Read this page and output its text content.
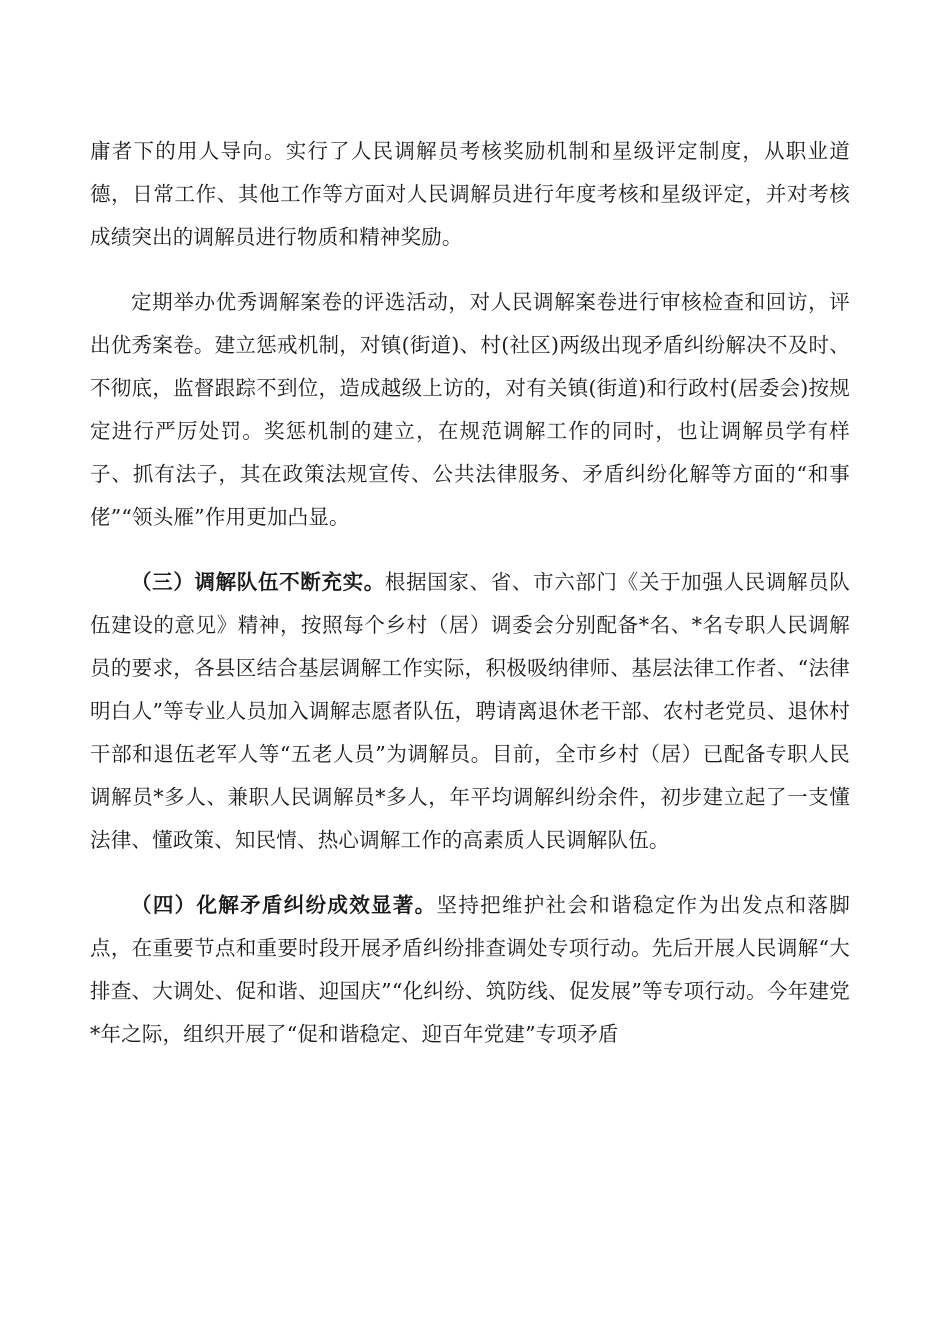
庸者下的用人导向。实行了人民调解员考核奖励机制和星级评定制度，从职业道德，日常工作、其他工作等方面对人民调解员进行年度考核和星级评定，并对考核成绩突出的调解员进行物质和精神奖励。

定期举办优秀调解案卷的评选活动，对人民调解案卷进行审核检查和回访，评出优秀案卷。建立惩戒机制，对镇(街道)、村(社区)两级出现矛盾纠纷解决不及时、不彻底，监督跟踪不到位，造成越级上访的，对有关镇(街道)和行政村(居委会)按规定进行严厉处罚。奖惩机制的建立，在规范调解工作的同时，也让调解员学有样子、抓有法子，其在政策法规宣传、公共法律服务、矛盾纠纷化解等方面的“和事佬”“领头雁”作用更加凸显。

（三）调解队伍不断充实。根据国家、省、市六部门《关于加强人民调解员队伍建设的意见》精神，按照每个乡村（居）调委会分别配备*名、*名专职人民调解员的要求，各县区结合基层调解工作实际，积极吸纳律师、基层法律工作者、“法律明白人”等专业人员加入调解志愿者队伍，聘请离退休老干部、农村老党员、退休村干部和退伍老军人等“五老人员”为调解员。目前，全市乡村（居）已配备专职人民调解员*多人、兼职人民调解员*多人，年平均调解纠纷余件，初步建立起了一支懂法律、懂政策、知民情、热心调解工作的高素质人民调解队伍。

（四）化解矛盾纠纷成效显著。坚持把维护社会和谐稳定作为出发点和落脚点，在重要节点和重要时段开展矛盾纠纷排查调处专项行动。先后开展人民调解“大排查、大调处、促和谐、迎国庆”“化纠纷、筑防线、促发展”等专项行动。今年建党*年之际，组织开展了“促和谐稳定、迎百年党建”专项矛盾
